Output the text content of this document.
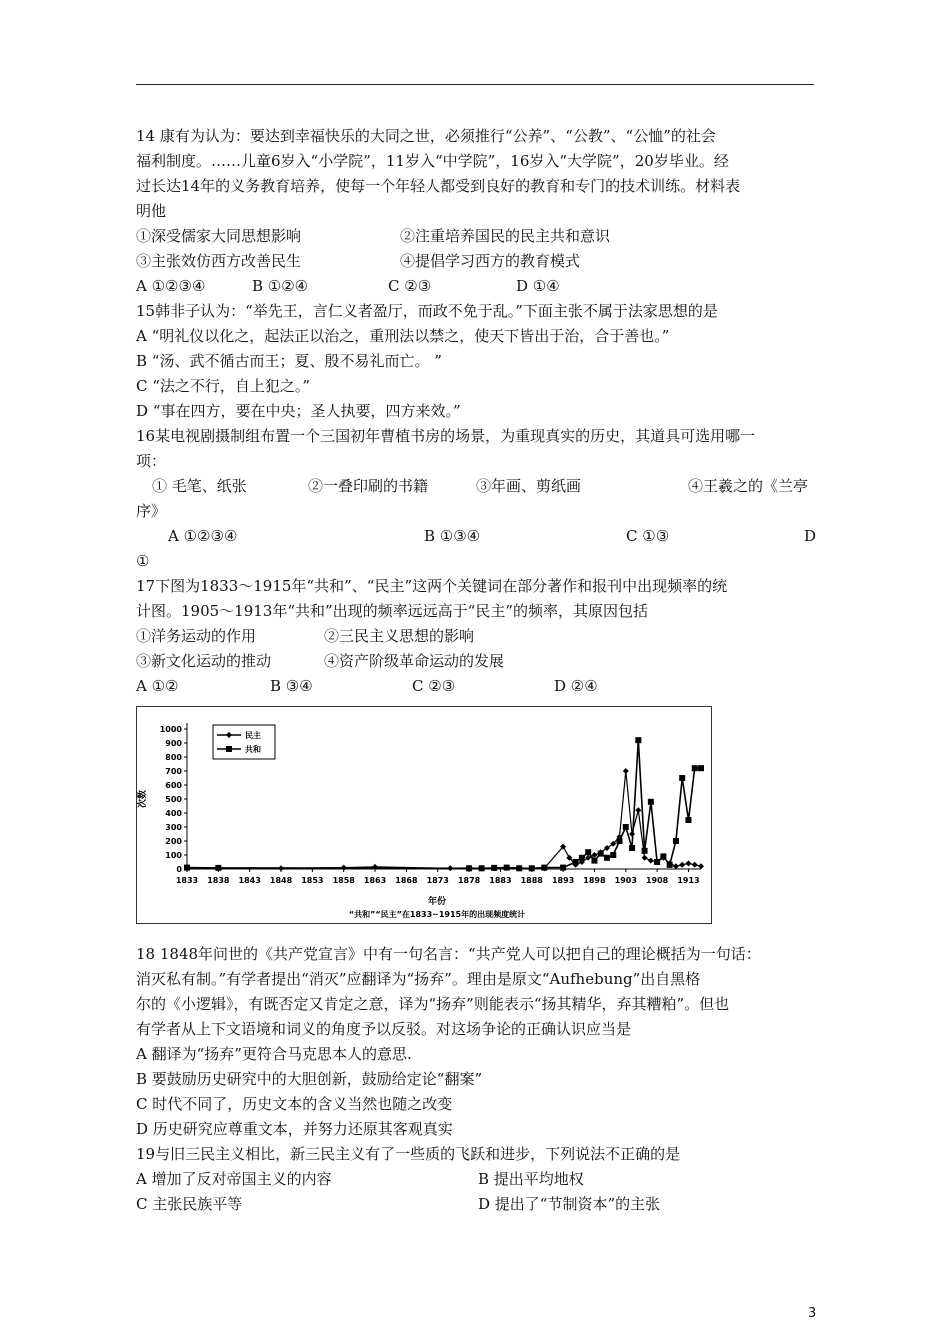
14 康有为认为：要达到幸福快乐的大同之世，必须推行“公养”、“公教”、“公恤”的社会
福利制度。……儿童6岁入“小学院”，11岁入“中学院”，16岁入“大学院”，20岁毕业。经
过长达14年的义务教育培养，使每一个年轻人都受到良好的教育和专门的技术训练。材料表
明他
①深受儒家大同思想影响	②注重培养国民的民主共和意识
③主张效仿西方改善民生	④提倡学习西方的教育模式
A ①②③④	B ①②④	C ②③	D ①④
15韩非子认为：“举先王，言仁义者盈厅，而政不免于乱。”下面主张不属于法家思想的是
A “明礼仪以化之，起法正以治之，重刑法以禁之，使天下皆出于治，合于善也。”
B “汤、武不循古而王；夏、殷不易礼而亡。 ”
C “法之不行，自上犯之。”
D “事在四方，要在中央；圣人执要，四方来效。”
16某电视剧摄制组布置一个三国初年曹植书房的场景，为重现真实的历史，其道具可选用哪一
项：
① 毛笔、纸张	②一叠印刷的书籍	③年画、剪纸画	④王羲之的《兰亭
序》
A ①②③④	B ①③④	C ①③	D
①
17下图为1833～1915年“共和”、“民主”这两个关键词在部分著作和报刊中出现频率的统
计图。1905～1913年“共和”出现的频率远远高于“民主”的频率，其原因包括
①洋务运动的作用	②三民主义思想的影响
③新文化运动的推动	④资产阶级革命运动的发展
A ①②	B ③④	C ②③	D ②④
0
100
200
300
400
500
600
700
800
900
1000
1833 1838 1843 1848 1853 1858 1863 1868 1873 1878 1883 1888 1893 1898 1903 1908 1913
民主
共和
次数
年份
“共和”“民主”在1833~1915年的出现频度统计
18 1848年问世的《共产党宣言》中有一句名言：“共产党人可以把自己的理论概括为一句话：
消灭私有制。”有学者提出“消灭”应翻译为“扬弃”。理由是原文“Aufhebung”出自黑格
尔的《小逻辑》，有既否定又肯定之意，译为“扬弃”则能表示“扬其精华，弃其糟粕”。但也
有学者从上下文语境和词义的角度予以反驳。对这场争论的正确认识应当是
A 翻译为“扬弃”更符合马克思本人的意思.
B 要鼓励历史研究中的大胆创新，鼓励给定论“翻案”
C 时代不同了，历史文本的含义当然也随之改变
D 历史研究应尊重文本，并努力还原其客观真实
19与旧三民主义相比，新三民主义有了一些质的飞跃和进步，下列说法不正确的是
A 增加了反对帝国主义的内容	B 提出平均地权
C 主张民族平等	D 提出了“节制资本”的主张
3
